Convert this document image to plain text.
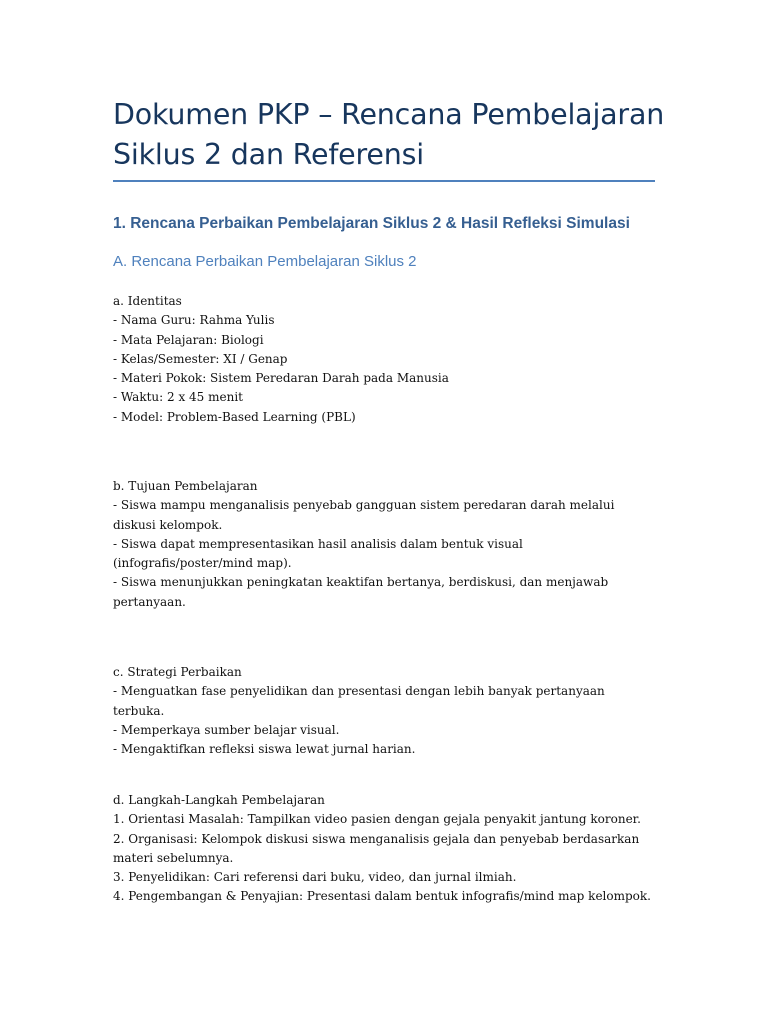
Dokumen PKP – Rencana Pembelajaran Siklus 2 dan Referensi
1. Rencana Perbaikan Pembelajaran Siklus 2 & Hasil Refleksi Simulasi
A. Rencana Perbaikan Pembelajaran Siklus 2
a. Identitas
- Nama Guru: Rahma Yulis
- Mata Pelajaran: Biologi
- Kelas/Semester: XI / Genap
- Materi Pokok: Sistem Peredaran Darah pada Manusia
- Waktu: 2 x 45 menit
- Model: Problem-Based Learning (PBL)
b. Tujuan Pembelajaran
- Siswa mampu menganalisis penyebab gangguan sistem peredaran darah melalui diskusi kelompok.
- Siswa dapat mempresentasikan hasil analisis dalam bentuk visual (infografis/poster/mind map).
- Siswa menunjukkan peningkatan keaktifan bertanya, berdiskusi, dan menjawab pertanyaan.
c. Strategi Perbaikan
- Menguatkan fase penyelidikan dan presentasi dengan lebih banyak pertanyaan terbuka.
- Memperkaya sumber belajar visual.
- Mengaktifkan refleksi siswa lewat jurnal harian.
d. Langkah-Langkah Pembelajaran
1. Orientasi Masalah: Tampilkan video pasien dengan gejala penyakit jantung koroner.
2. Organisasi: Kelompok diskusi siswa menganalisis gejala dan penyebab berdasarkan materi sebelumnya.
3. Penyelidikan: Cari referensi dari buku, video, dan jurnal ilmiah.
4. Pengembangan & Penyajian: Presentasi dalam bentuk infografis/mind map kelompok.
